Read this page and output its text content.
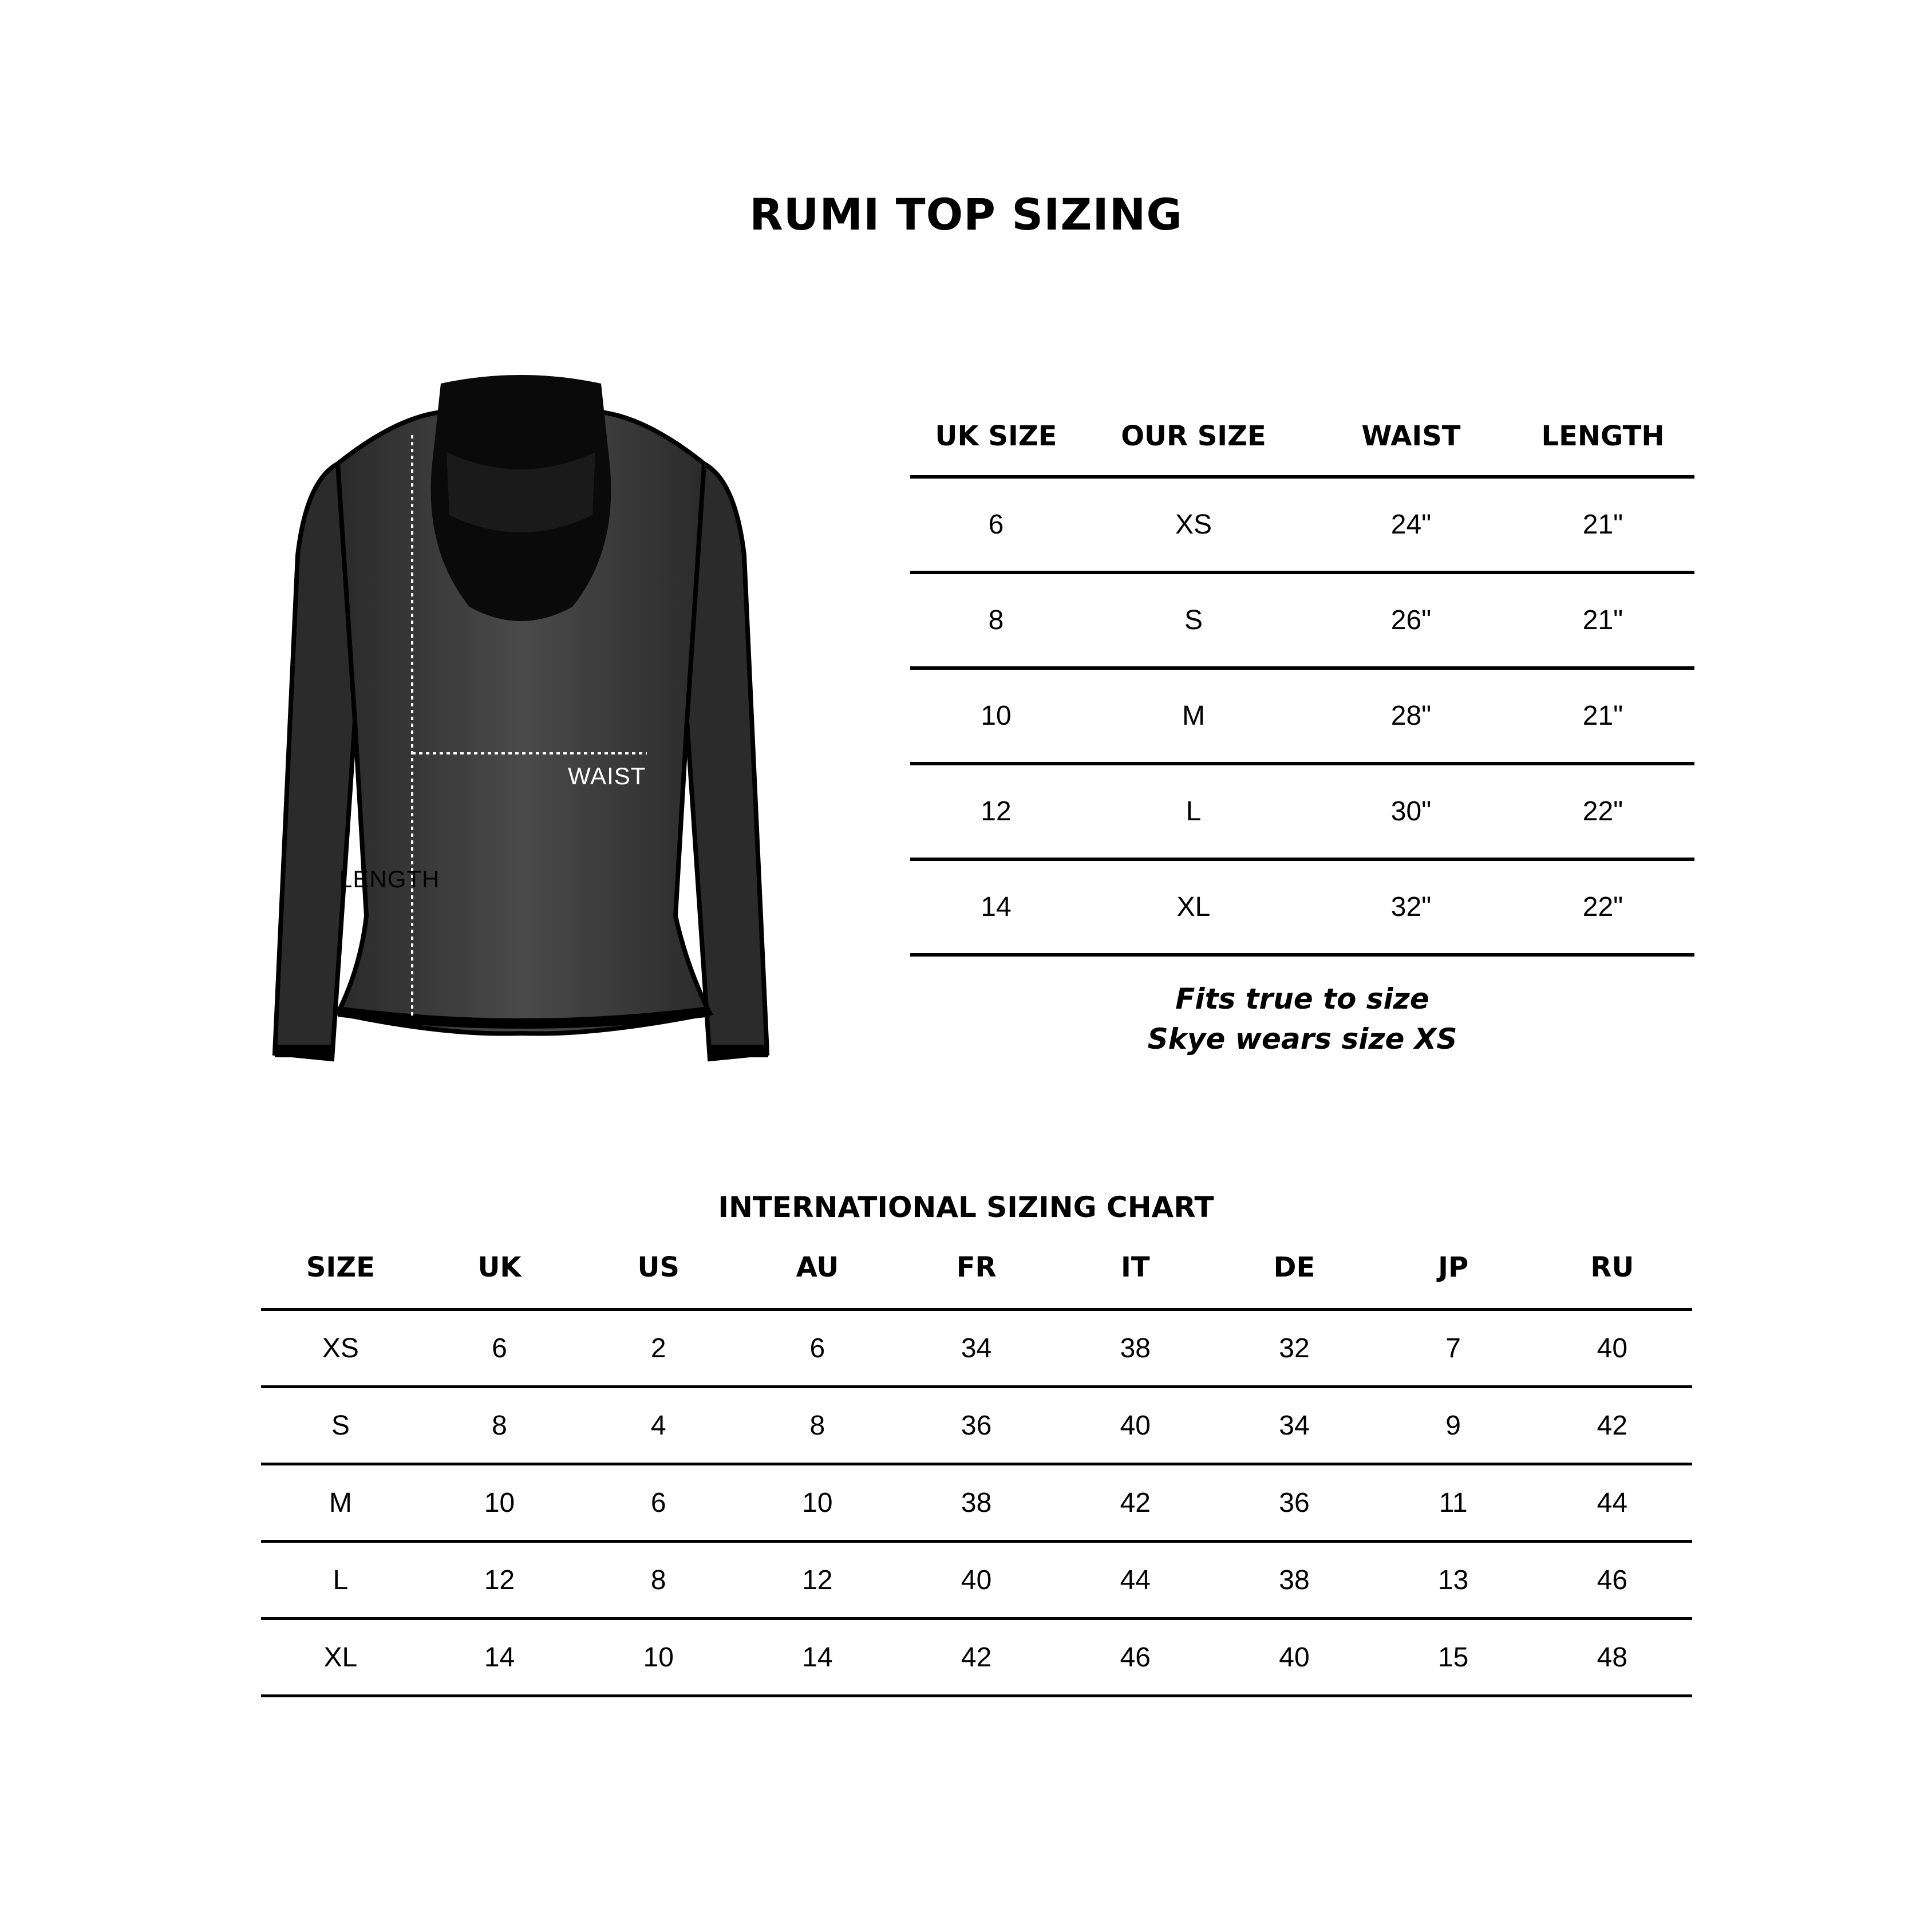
RUMI TOP SIZING
WAIST
LENGTH
UK SIZE	OUR SIZE	WAIST	LENGTH
6	XS	24"	21"
8	S	26"	21"
10	M	28"	21"
12	L	30"	22"
14	XL	32"	22"
Fits true to size
Skye wears size XS
INTERNATIONAL SIZING CHART
SIZE	UK	US	AU	FR	IT	DE	JP	RU
XS	6	2	6	34	38	32	7	40
S	8	4	8	36	40	34	9	42
M	10	6	10	38	42	36	11	44
L	12	8	12	40	44	38	13	46
XL	14	10	14	42	46	40	15	48
